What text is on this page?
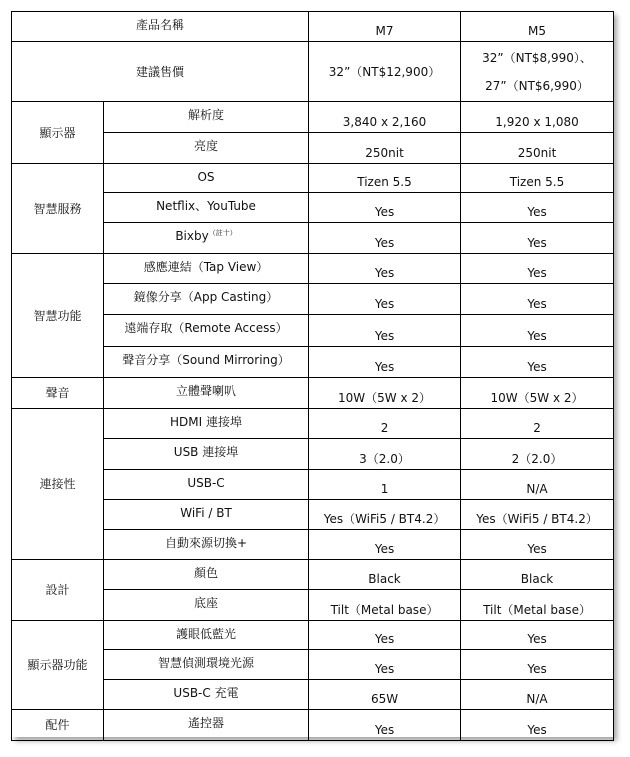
產品名稱		M7	M5
建議售價		32”（NT$12,900）	32”（NT$8,990）、
27”（NT$6,990）

顯示器	解析度	3,840 x 2,160	1,920 x 1,080
	亮度	250nit	250nit
智慧服務	OS	Tizen 5.5	Tizen 5.5
	Netflix、YouTube	Yes	Yes
	Bixby$^{(註十)}$	Yes	Yes
智慧功能	感應連結（Tap View）	Yes	Yes
	鏡像分享（App Casting）	Yes	Yes
	遠端存取（Remote Access）	Yes	Yes
	聲音分享（Sound Mirroring）	Yes	Yes
聲音	立體聲喇叭	10W（5W x 2）	10W（5W x 2）
連接性	HDMI 連接埠	2	2
	USB 連接埠	3（2.0）	2（2.0）
	USB-C	1	N/A
	WiFi / BT	Yes（WiFi5 / BT4.2）	Yes（WiFi5 / BT4.2）
	自動來源切換+	Yes	Yes
設計	顏色	Black	Black
	底座	Tilt（Metal base）	Tilt（Metal base）
顯示器功能	護眼低藍光	Yes	Yes
	智慧偵測環境光源	Yes	Yes
	USB-C 充電	65W	N/A
配件	遙控器	Yes	Yes
